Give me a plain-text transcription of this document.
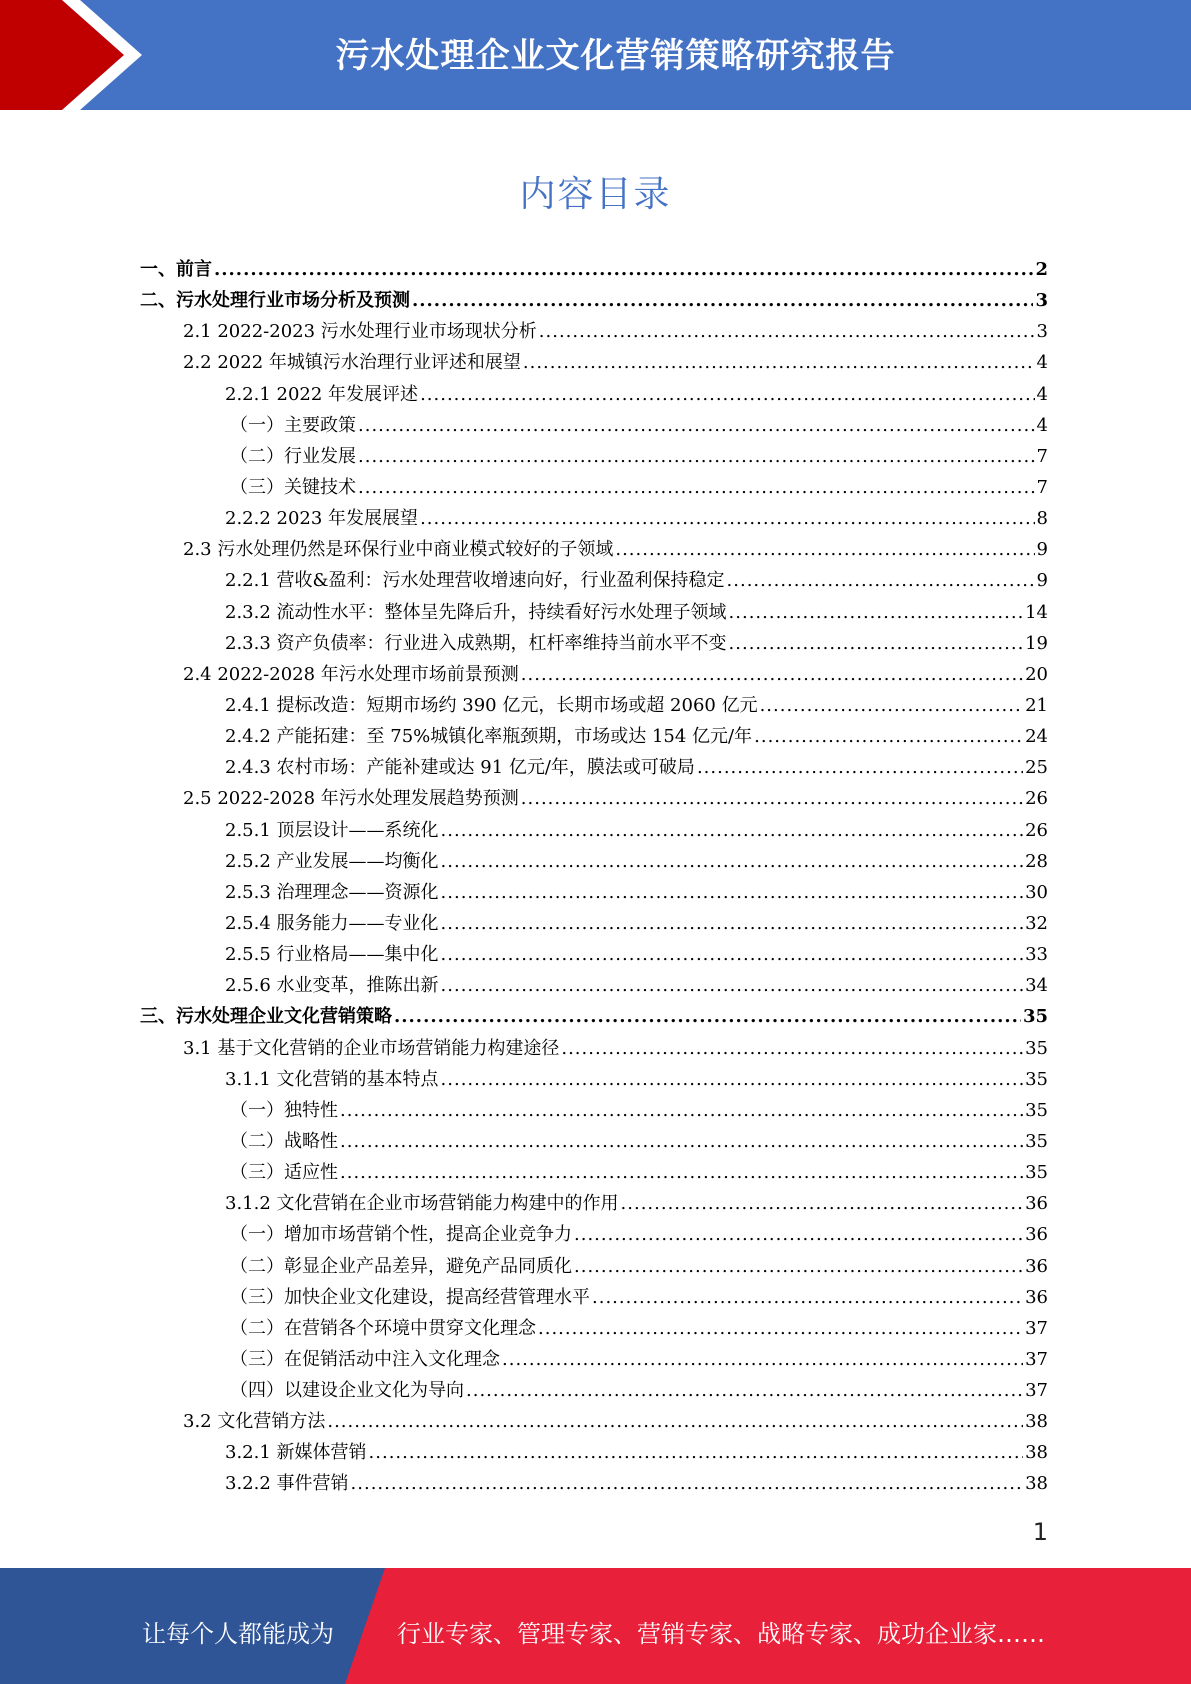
污水处理企业文化营销策略研究报告
内容目录
一、前言 .....	2
二、污水处理行业市场分析及预测 .....	3
2.1 2022-2023 污水处理行业市场现状分析 .....	3
2.2 2022 年城镇污水治理行业评述和展望 .....	4
2.2.1 2022 年发展评述 .....	4
（一）主要政策 .....	4
（二）行业发展 .....	7
（三）关键技术 .....	7
2.2.2 2023 年发展展望 .....	8
2.3 污水处理仍然是环保行业中商业模式较好的子领域 .....	9
2.2.1 营收&盈利：污水处理营收增速向好，行业盈利保持稳定 .....	9
2.3.2 流动性水平：整体呈先降后升，持续看好污水处理子领域 .....	14
2.3.3 资产负债率：行业进入成熟期，杠杆率维持当前水平不变 .....	19
2.4 2022-2028 年污水处理市场前景预测 .....	20
2.4.1 提标改造：短期市场约 390 亿元，长期市场或超 2060 亿元 .....	21
2.4.2 产能拓建：至 75%城镇化率瓶颈期，市场或达 154 亿元/年 .....	24
2.4.3 农村市场：产能补建或达 91 亿元/年，膜法或可破局 .....	25
2.5 2022-2028 年污水处理发展趋势预测 .....	26
2.5.1 顶层设计——系统化 .....	26
2.5.2 产业发展——均衡化 .....	28
2.5.3 治理理念——资源化 .....	30
2.5.4 服务能力——专业化 .....	32
2.5.5 行业格局——集中化 .....	33
2.5.6 水业变革，推陈出新 .....	34
三、污水处理企业文化营销策略 .....	35
3.1 基于文化营销的企业市场营销能力构建途径 .....	35
3.1.1 文化营销的基本特点 .....	35
（一）独特性 .....	35
（二）战略性 .....	35
（三）适应性 .....	35
3.1.2 文化营销在企业市场营销能力构建中的作用 .....	36
（一）增加市场营销个性，提高企业竞争力 .....	36
（二）彰显企业产品差异，避免产品同质化 .....	36
（三）加快企业文化建设，提高经营管理水平 .....	36
（二）在营销各个环境中贯穿文化理念 .....	37
（三）在促销活动中注入文化理念 .....	37
（四）以建设企业文化为导向 .....	37
3.2 文化营销方法 .....	38
3.2.1 新媒体营销 .....	38
3.2.2 事件营销 .....	38
1
让每个人都能成为	行业专家、管理专家、营销专家、战略专家、成功企业家……
